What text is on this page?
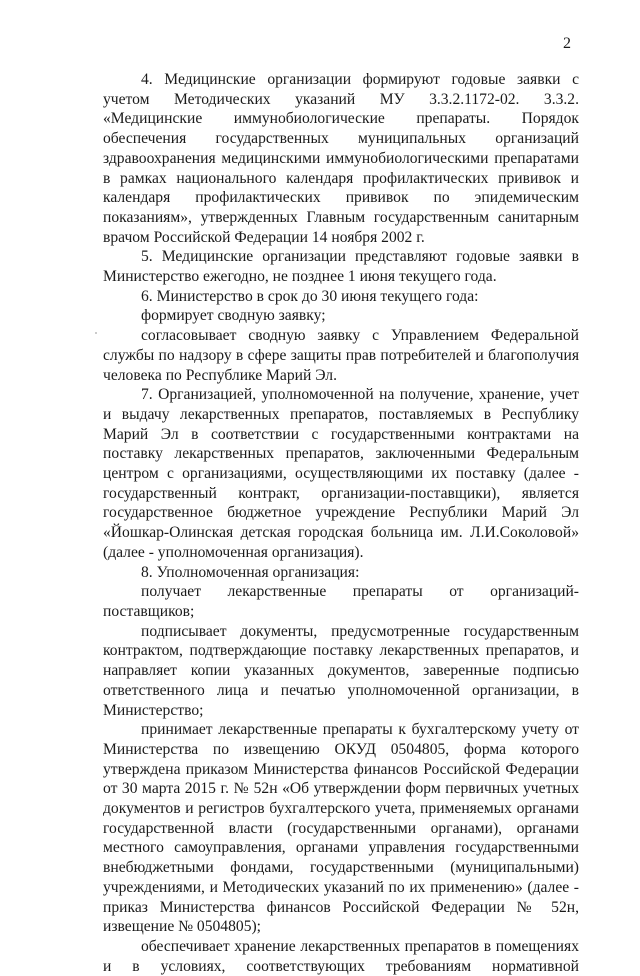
2

4. Медицинские организации формируют годовые заявки с учетом Методических указаний МУ 3.3.2.1172-02. 3.3.2. «Медицинские иммунобиологические препараты. Порядок обеспечения государственных муниципальных организаций здравоохранения медицинскими иммунобиологическими препаратами в рамках национального календаря профилактических прививок и календаря профилактических прививок по эпидемическим показаниям», утвержденных Главным государственным санитарным врачом Российской Федерации 14 ноября 2002 г.

5. Медицинские организации представляют годовые заявки в Министерство ежегодно, не позднее 1 июня текущего года.

6. Министерство в срок до 30 июня текущего года:

формирует сводную заявку;

согласовывает сводную заявку с Управлением Федеральной службы по надзору в сфере защиты прав потребителей и благополучия человека по Республике Марий Эл.

7. Организацией, уполномоченной на получение, хранение, учет и выдачу лекарственных препаратов, поставляемых в Республику Марий Эл в соответствии с государственными контрактами на поставку лекарственных препаратов, заключенными Федеральным центром с организациями, осуществляющими их поставку (далее - государственный контракт, организации-поставщики), является государственное бюджетное учреждение Республики Марий Эл «Йошкар-Олинская детская городская больница им. Л.И.Соколовой» (далее - уполномоченная организация).

8. Уполномоченная организация:

получает лекарственные препараты от организаций-поставщиков;

подписывает документы, предусмотренные государственным контрактом, подтверждающие поставку лекарственных препаратов, и направляет копии указанных документов, заверенные подписью ответственного лица и печатью уполномоченной организации, в Министерство;

принимает лекарственные препараты к бухгалтерскому учету от Министерства по извещению ОКУД 0504805, форма которого утверждена приказом Министерства финансов Российской Федерации от 30 марта 2015 г. № 52н «Об утверждении форм первичных учетных документов и регистров бухгалтерского учета, применяемых органами государственной власти (государственными органами), органами местного самоуправления, органами управления государственными внебюджетными фондами, государственными (муниципальными) учреждениями, и Методических указаний по их применению» (далее - приказ Министерства финансов Российской Федерации № 52н, извещение № 0504805);

обеспечивает хранение лекарственных препаратов в помещениях и в условиях, соответствующих требованиям нормативной
